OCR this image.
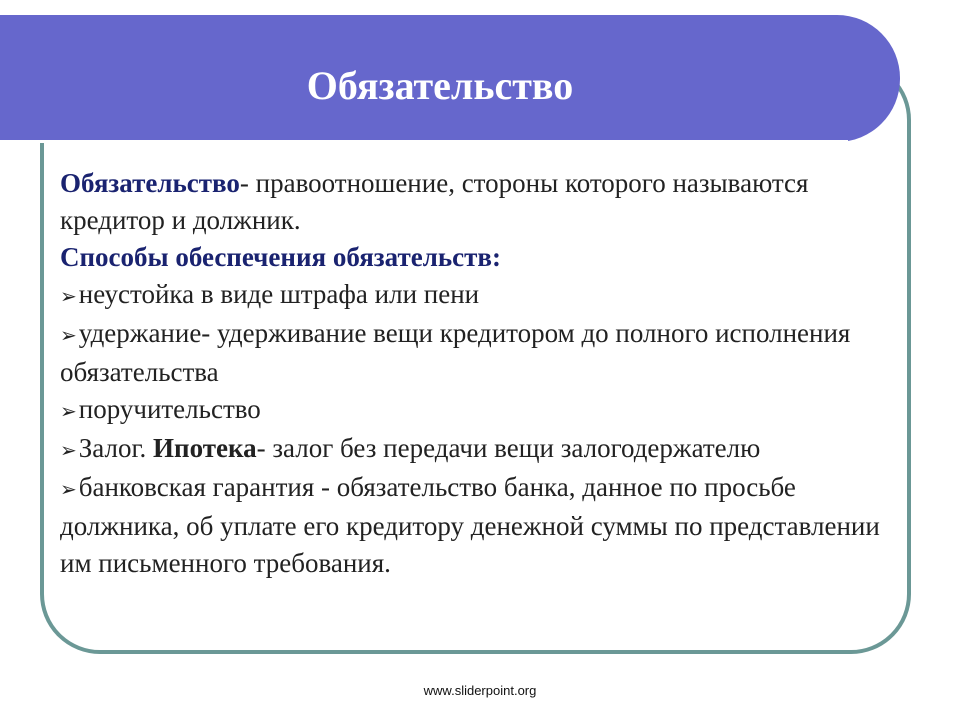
Обязательство

Обязательство- правоотношение, стороны которого называются кредитор и должник.

Способы обеспечения обязательств:

➢ неустойка в виде штрафа или пени

➢ удержание- удерживание вещи кредитором до полного исполнения обязательства

➢ поручительство

➢ Залог. Ипотека- залог без передачи вещи залогодержателю

➢ банковская гарантия - обязательство банка, данное по просьбе должника, об уплате его кредитору денежной суммы по представлении им письменного требования.

www.sliderpoint.org
